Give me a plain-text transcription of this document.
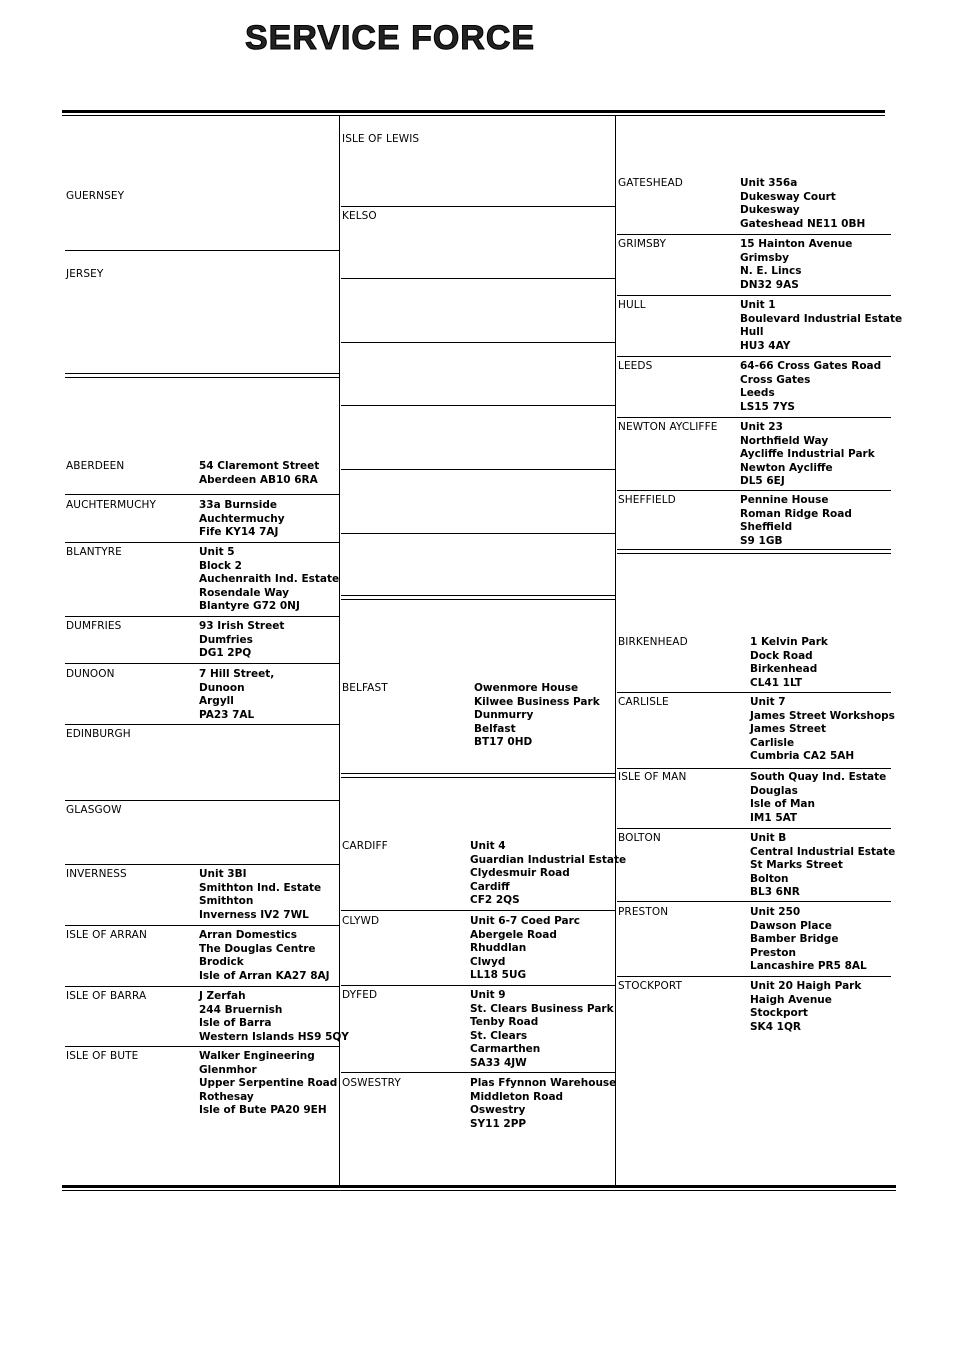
SERVICE FORCE
GUERNSEY
JERSEY
ABERDEEN	54 Claremont Street
Aberdeen AB10 6RA
AUCHTERMUCHY	33a Burnside
Auchtermuchy
Fife KY14 7AJ
BLANTYRE	Unit 5
Block 2
Auchenraith Ind. Estate
Rosendale Way
Blantyre G72 0NJ
DUMFRIES	93 Irish Street
Dumfries
DG1 2PQ
DUNOON	7 Hill Street,
Dunoon
Argyll
PA23 7AL
EDINBURGH
GLASGOW
INVERNESS	Unit 3BI
Smithton Ind. Estate
Smithton
Inverness IV2 7WL
ISLE OF ARRAN	Arran Domestics
The Douglas Centre
Brodick
Isle of Arran KA27 8AJ
ISLE OF BARRA	J Zerfah
244 Bruernish
Isle of Barra
Western Islands HS9 5QY
ISLE OF BUTE	Walker Engineering
Glenmhor
Upper Serpentine Road
Rothesay
Isle of Bute PA20 9EH
ISLE OF LEWIS
KELSO
BELFAST	Owenmore House
Kilwee Business Park
Dunmurry
Belfast
BT17 0HD
CARDIFF	Unit 4
Guardian Industrial Estate
Clydesmuir Road
Cardiff
CF2 2QS
CLYWD	Unit 6-7 Coed Parc
Abergele Road
Rhuddlan
Clwyd
LL18 5UG
DYFED	Unit 9
St. Clears Business Park
Tenby Road
St. Clears
Carmarthen
SA33 4JW
OSWESTRY	Plas Ffynnon Warehouse
Middleton Road
Oswestry
SY11 2PP
GATESHEAD	Unit 356a
Dukesway Court
Dukesway
Gateshead NE11 0BH
GRIMSBY	15 Hainton Avenue
Grimsby
N. E. Lincs
DN32 9AS
HULL	Unit 1
Boulevard Industrial Estate
Hull
HU3 4AY
LEEDS	64-66 Cross Gates Road
Cross Gates
Leeds
LS15 7YS
NEWTON AYCLIFFE Unit 23
Northfield Way
Aycliffe Industrial Park
Newton Aycliffe
DL5 6EJ
SHEFFIELD	Pennine House
Roman Ridge Road
Sheffield
S9 1GB
BIRKENHEAD	1 Kelvin Park
Dock Road
Birkenhead
CL41 1LT
CARLISLE	Unit 7
James Street Workshops
James Street
Carlisle
Cumbria CA2 5AH
ISLE OF MAN	South Quay Ind. Estate
Douglas
Isle of Man
IM1 5AT
BOLTON	Unit B
Central Industrial Estate
St Marks Street
Bolton
BL3 6NR
PRESTON	Unit 250
Dawson Place
Bamber Bridge
Preston
Lancashire PR5 8AL
STOCKPORT	Unit 20 Haigh Park
Haigh Avenue
Stockport
SK4 1QR
